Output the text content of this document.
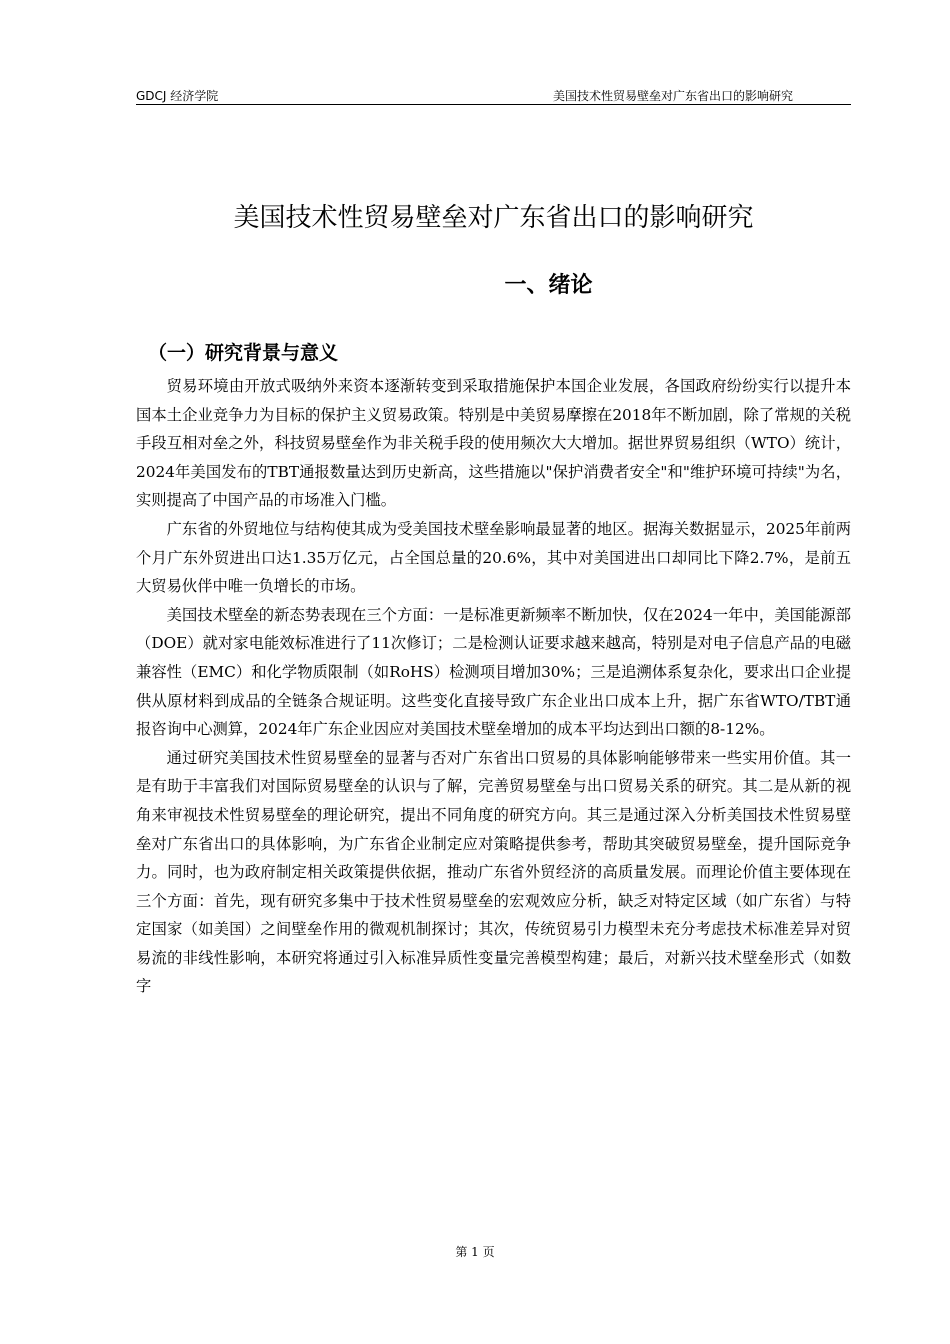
GDCJ 经济学院	美国技术性贸易壁垒对广东省出口的影响研究
美国技术性贸易壁垒对广东省出口的影响研究
一、绪论
（一）研究背景与意义

贸易环境由开放式吸纳外来资本逐渐转变到采取措施保护本国企业发展，各国政府纷纷实行以提升本国本土企业竞争力为目标的保护主义贸易政策。特别是中美贸易摩擦在2018年不断加剧，除了常规的关税手段互相对垒之外，科技贸易壁垒作为非关税手段的使用频次大大增加。据世界贸易组织（WTO）统计，2024年美国发布的TBT通报数量达到历史新高，这些措施以"保护消费者安全"和"维护环境可持续"为名，实则提高了中国产品的市场准入门槛。

广东省的外贸地位与结构使其成为受美国技术壁垒影响最显著的地区。据海关数据显示，2025年前两个月广东外贸进出口达1.35万亿元，占全国总量的20.6%，其中对美国进出口却同比下降2.7%，是前五大贸易伙伴中唯一负增长的市场。

美国技术壁垒的新态势表现在三个方面：一是标准更新频率不断加快，仅在2024一年中，美国能源部（DOE）就对家电能效标准进行了11次修订；二是检测认证要求越来越高，特别是对电子信息产品的电磁兼容性（EMC）和化学物质限制（如RoHS）检测项目增加30%；三是追溯体系复杂化，要求出口企业提供从原材料到成品的全链条合规证明。这些变化直接导致广东企业出口成本上升，据广东省WTO/TBT通报咨询中心测算，2024年广东企业因应对美国技术壁垒增加的成本平均达到出口额的8-12%。

通过研究美国技术性贸易壁垒的显著与否对广东省出口贸易的具体影响能够带来一些实用价值。其一是有助于丰富我们对国际贸易壁垒的认识与了解，完善贸易壁垒与出口贸易关系的研究。其二是从新的视角来审视技术性贸易壁垒的理论研究，提出不同角度的研究方向。其三是通过深入分析美国技术性贸易壁垒对广东省出口的具体影响，为广东省企业制定应对策略提供参考，帮助其突破贸易壁垒，提升国际竞争力。同时，也为政府制定相关政策提供依据，推动广东省外贸经济的高质量发展。而理论价值主要体现在三个方面：首先，现有研究多集中于技术性贸易壁垒的宏观效应分析，缺乏对特定区域（如广东省）与特定国家（如美国）之间壁垒作用的微观机制探讨；其次，传统贸易引力模型未充分考虑技术标准差异对贸易流的非线性影响，本研究将通过引入标准异质性变量完善模型构建；最后，对新兴技术壁垒形式（如数字

第 1 页
